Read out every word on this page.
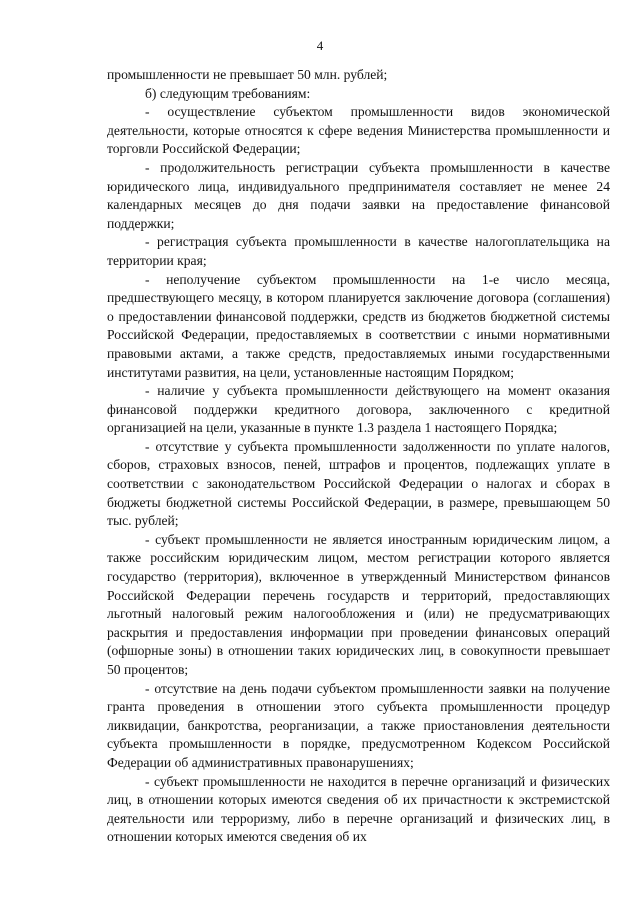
4

промышленности не превышает 50 млн. рублей;

б) следующим требованиям:

- осуществление субъектом промышленности видов экономической деятельности, которые относятся к сфере ведения Министерства промышленности и торговли Российской Федерации;

- продолжительность регистрации субъекта промышленности в качестве юридического лица, индивидуального предпринимателя составляет не менее 24 календарных месяцев до дня подачи заявки на предоставление финансовой поддержки;

- регистрация субъекта промышленности в качестве налогоплательщика на территории края;

- неполучение субъектом промышленности на 1-е число месяца, предшествующего месяцу, в котором планируется заключение договора (соглашения) о предоставлении финансовой поддержки, средств из бюджетов бюджетной системы Российской Федерации, предоставляемых в соответствии с иными нормативными правовыми актами, а также средств, предоставляемых иными государственными институтами развития, на цели, установленные настоящим Порядком;

- наличие у субъекта промышленности действующего на момент оказания финансовой поддержки кредитного договора, заключенного с кредитной организацией на цели, указанные в пункте 1.3 раздела 1 настоящего Порядка;

- отсутствие у субъекта промышленности задолженности по уплате налогов, сборов, страховых взносов, пеней, штрафов и процентов, подлежащих уплате в соответствии с законодательством Российской Федерации о налогах и сборах в бюджеты бюджетной системы Российской Федерации, в размере, превышающем 50 тыс. рублей;

- субъект промышленности не является иностранным юридическим лицом, а также российским юридическим лицом, местом регистрации которого является государство (территория), включенное в утвержденный Министерством финансов Российской Федерации перечень государств и территорий, предоставляющих льготный налоговый режим налогообложения и (или) не предусматривающих раскрытия и предоставления информации при проведении финансовых операций (офшорные зоны) в отношении таких юридических лиц, в совокупности превышает 50 процентов;

- отсутствие на день подачи субъектом промышленности заявки на получение гранта проведения в отношении этого субъекта промышленности процедур ликвидации, банкротства, реорганизации, а также приостановления деятельности субъекта промышленности в порядке, предусмотренном Кодексом Российской Федерации об административных правонарушениях;

- субъект промышленности не находится в перечне организаций и физических лиц, в отношении которых имеются сведения об их причастности к экстремистской деятельности или терроризму, либо в перечне организаций и физических лиц, в отношении которых имеются сведения об их
